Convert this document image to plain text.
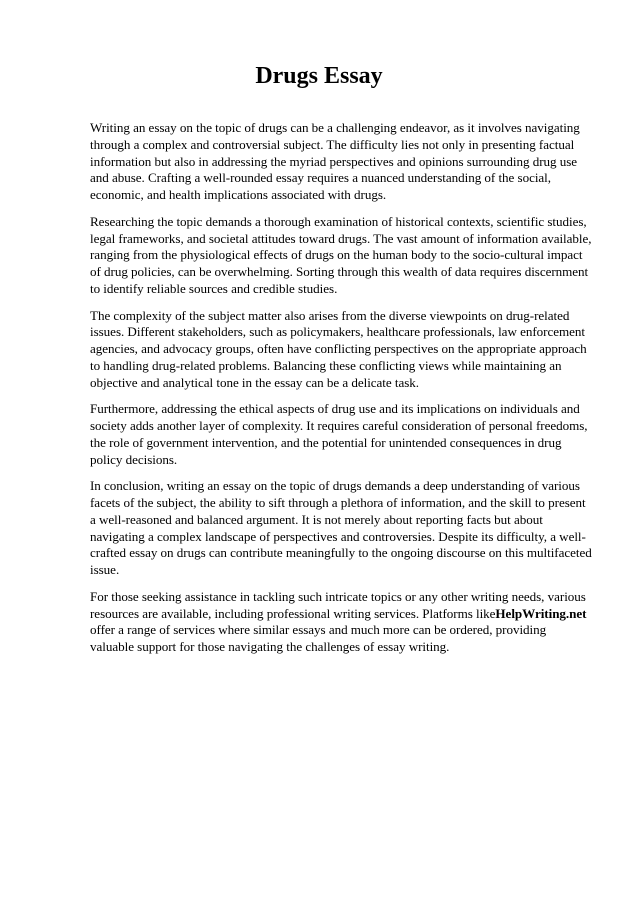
Drugs Essay

Writing an essay on the topic of drugs can be a challenging endeavor, as it involves navigating through a complex and controversial subject. The difficulty lies not only in presenting factual information but also in addressing the myriad perspectives and opinions surrounding drug use and abuse. Crafting a well-rounded essay requires a nuanced understanding of the social, economic, and health implications associated with drugs.

Researching the topic demands a thorough examination of historical contexts, scientific studies, legal frameworks, and societal attitudes toward drugs. The vast amount of information available, ranging from the physiological effects of drugs on the human body to the socio-cultural impact of drug policies, can be overwhelming. Sorting through this wealth of data requires discernment to identify reliable sources and credible studies.

The complexity of the subject matter also arises from the diverse viewpoints on drug-related issues. Different stakeholders, such as policymakers, healthcare professionals, law enforcement agencies, and advocacy groups, often have conflicting perspectives on the appropriate approach to handling drug-related problems. Balancing these conflicting views while maintaining an objective and analytical tone in the essay can be a delicate task.

Furthermore, addressing the ethical aspects of drug use and its implications on individuals and society adds another layer of complexity. It requires careful consideration of personal freedoms, the role of government intervention, and the potential for unintended consequences in drug policy decisions.

In conclusion, writing an essay on the topic of drugs demands a deep understanding of various facets of the subject, the ability to sift through a plethora of information, and the skill to present a well-reasoned and balanced argument. It is not merely about reporting facts but about navigating a complex landscape of perspectives and controversies. Despite its difficulty, a well-crafted essay on drugs can contribute meaningfully to the ongoing discourse on this multifaceted issue.

For those seeking assistance in tackling such intricate topics or any other writing needs, various resources are available, including professional writing services. Platforms likeHelpWriting.net offer a range of services where similar essays and much more can be ordered, providing valuable support for those navigating the challenges of essay writing.
